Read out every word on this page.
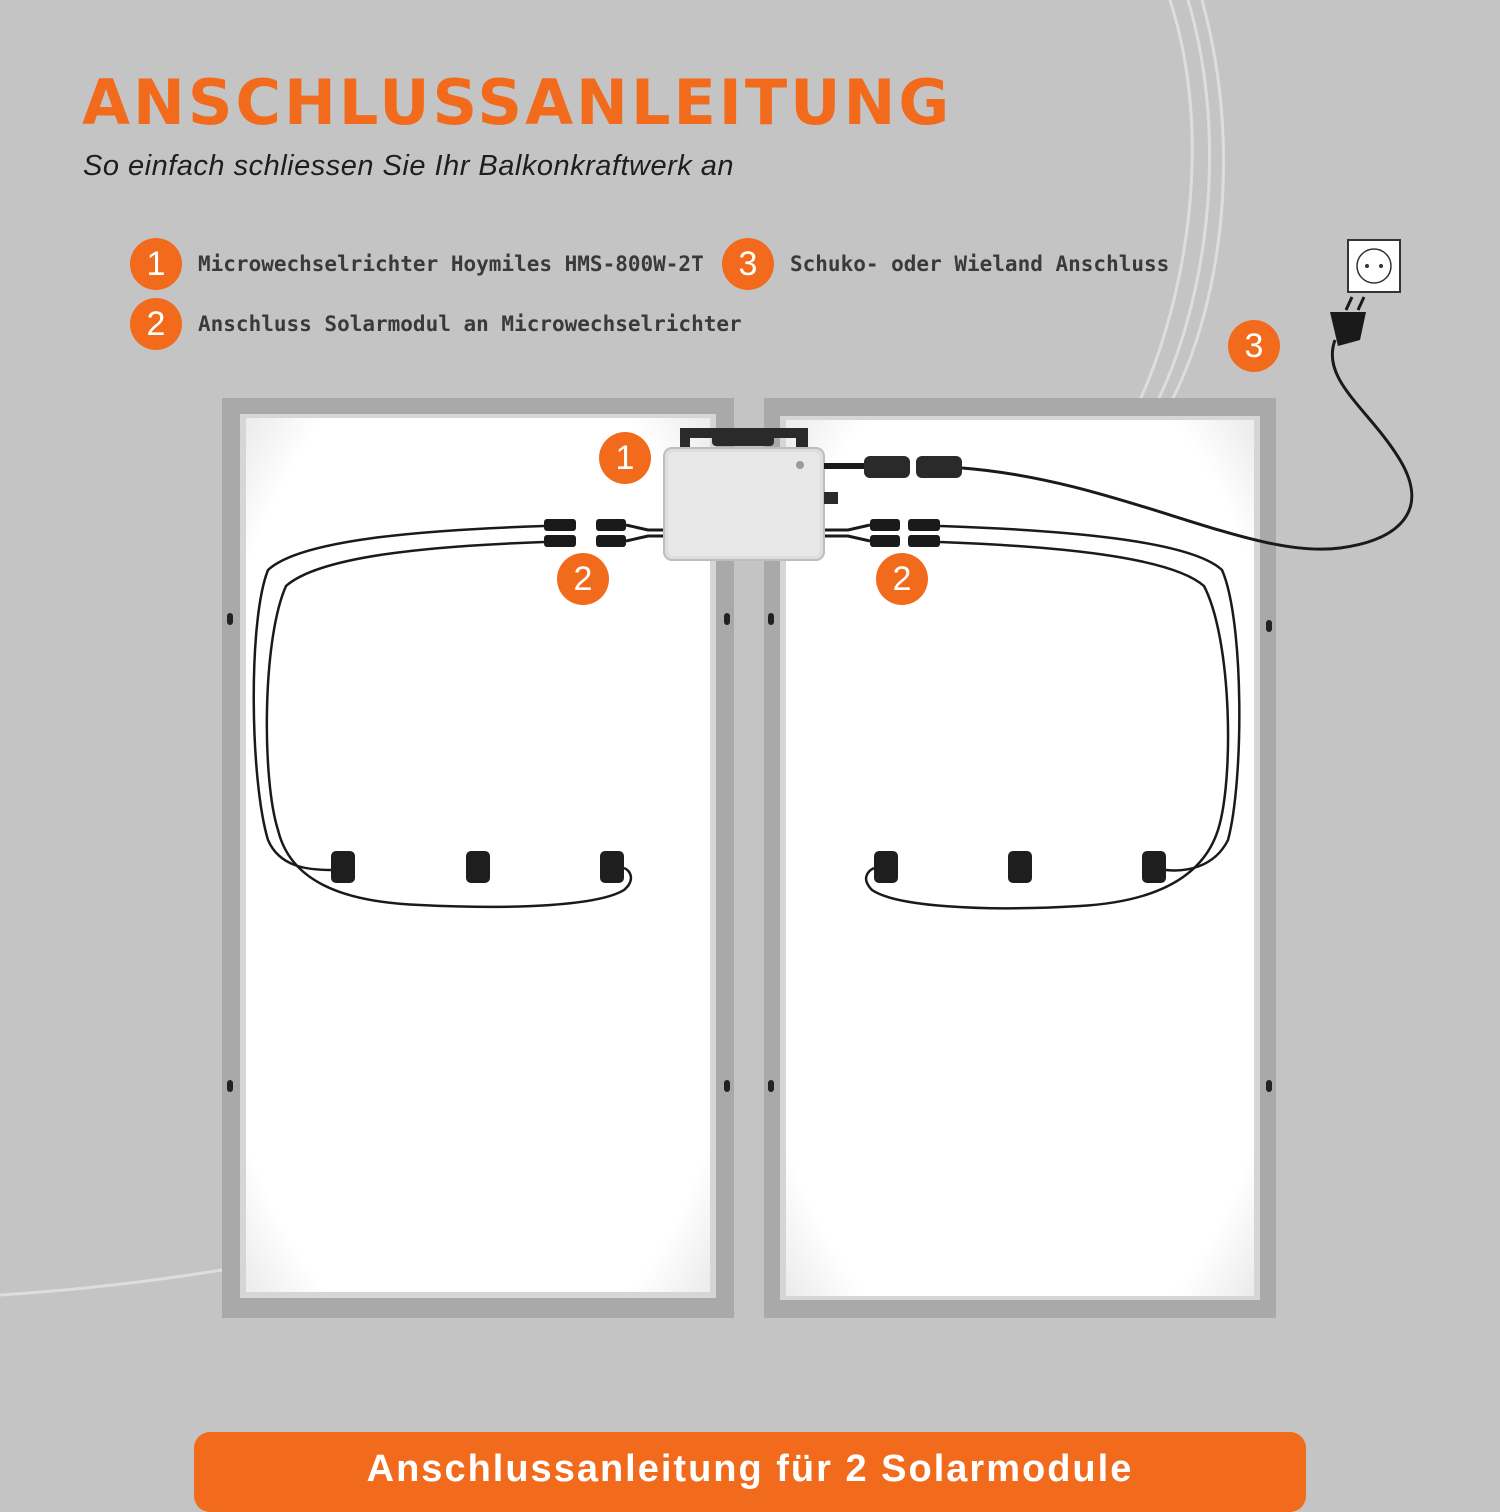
ANSCHLUSSANLEITUNG
So einfach schliessen Sie Ihr Balkonkraftwerk an
1	Microwechselrichter Hoymiles HMS-800W-2T
2	Anschluss Solarmodul an Microwechselrichter
3	Schuko- oder Wieland Anschluss
1
2	2
3
Anschlussanleitung für 2 Solarmodule
